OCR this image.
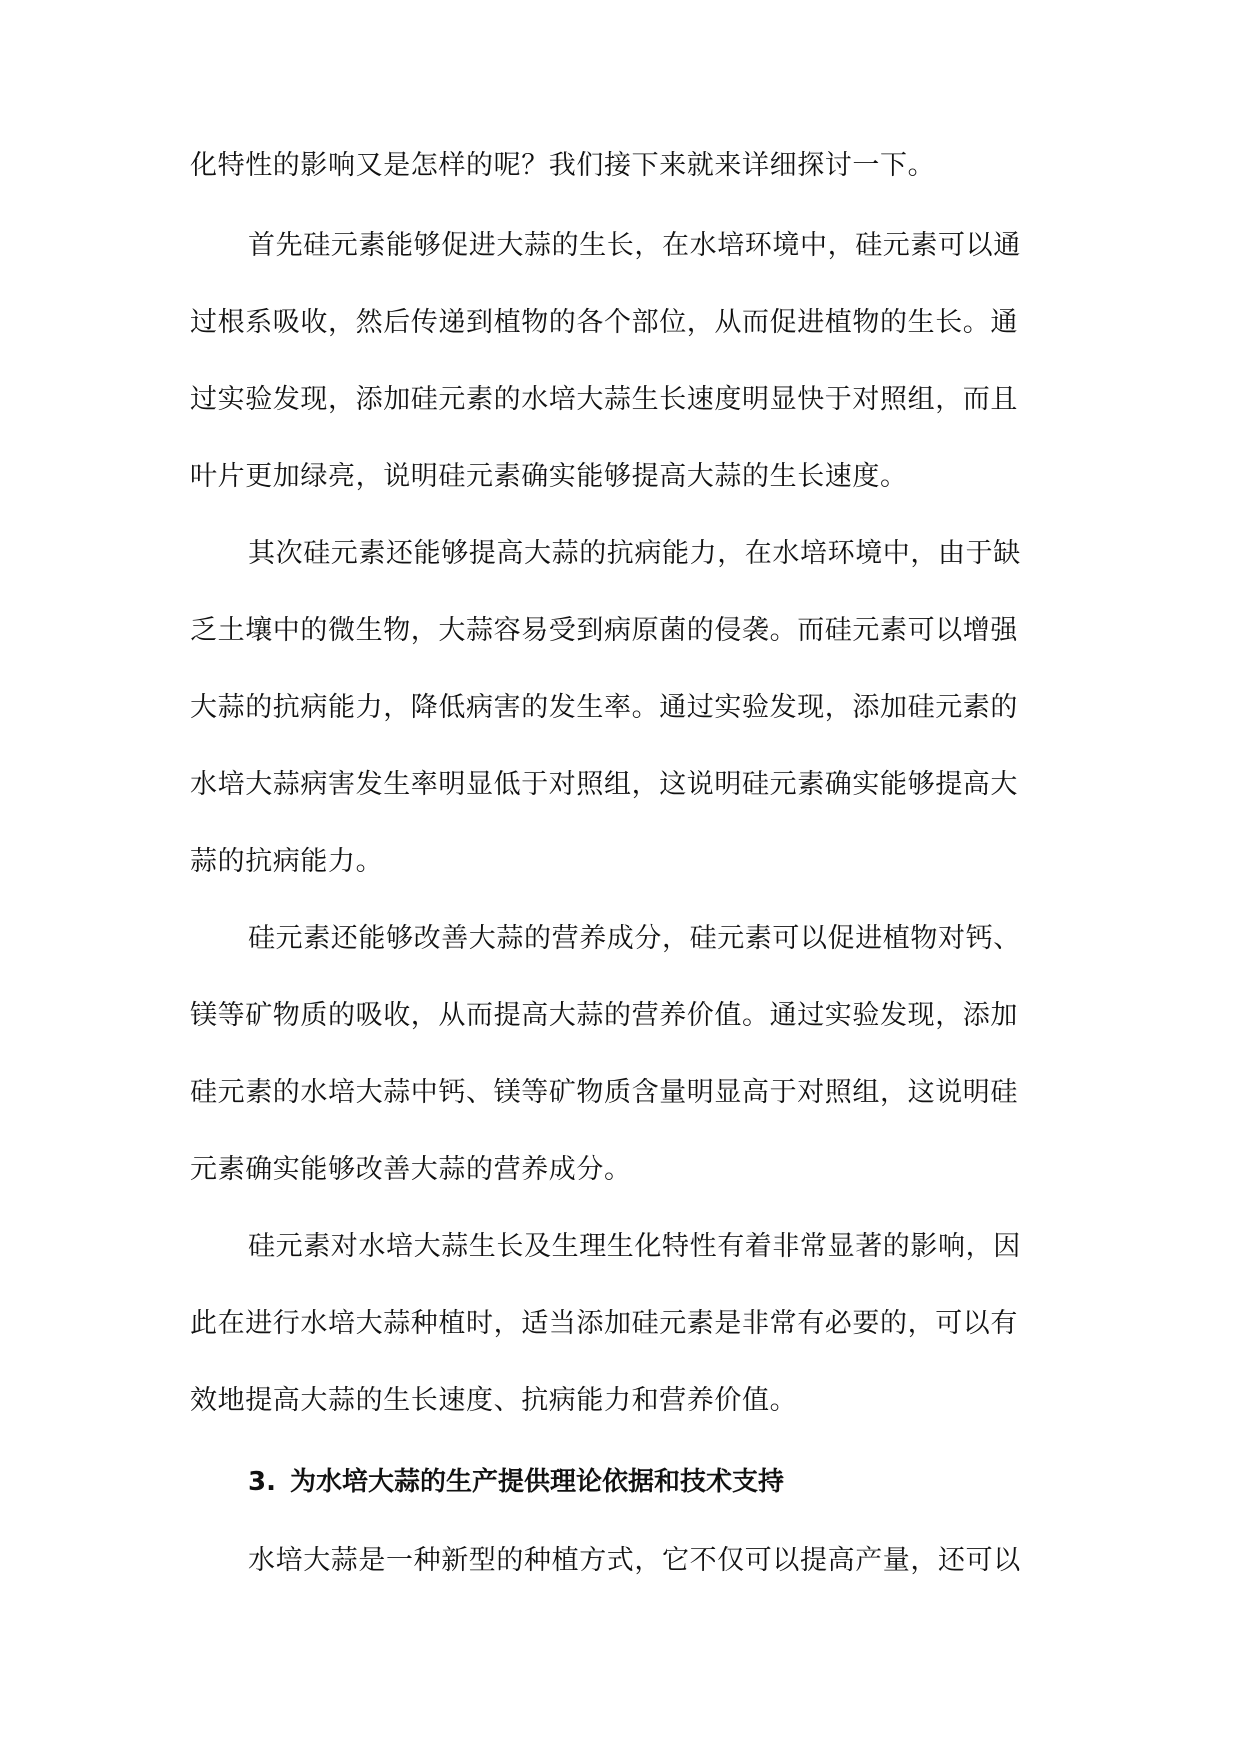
化特性的影响又是怎样的呢？我们接下来就来详细探讨一下。
首先硅元素能够促进大蒜的生长，在水培环境中，硅元素可以通
过根系吸收，然后传递到植物的各个部位，从而促进植物的生长。通
过实验发现，添加硅元素的水培大蒜生长速度明显快于对照组，而且
叶片更加绿亮，说明硅元素确实能够提高大蒜的生长速度。
其次硅元素还能够提高大蒜的抗病能力，在水培环境中，由于缺
乏土壤中的微生物，大蒜容易受到病原菌的侵袭。而硅元素可以增强
大蒜的抗病能力，降低病害的发生率。通过实验发现，添加硅元素的
水培大蒜病害发生率明显低于对照组，这说明硅元素确实能够提高大
蒜的抗病能力。
硅元素还能够改善大蒜的营养成分，硅元素可以促进植物对钙、
镁等矿物质的吸收，从而提高大蒜的营养价值。通过实验发现，添加
硅元素的水培大蒜中钙、镁等矿物质含量明显高于对照组，这说明硅
元素确实能够改善大蒜的营养成分。
硅元素对水培大蒜生长及生理生化特性有着非常显著的影响，因
此在进行水培大蒜种植时，适当添加硅元素是非常有必要的，可以有
效地提高大蒜的生长速度、抗病能力和营养价值。
3. 为水培大蒜的生产提供理论依据和技术支持
水培大蒜是一种新型的种植方式，它不仅可以提高产量，还可以
